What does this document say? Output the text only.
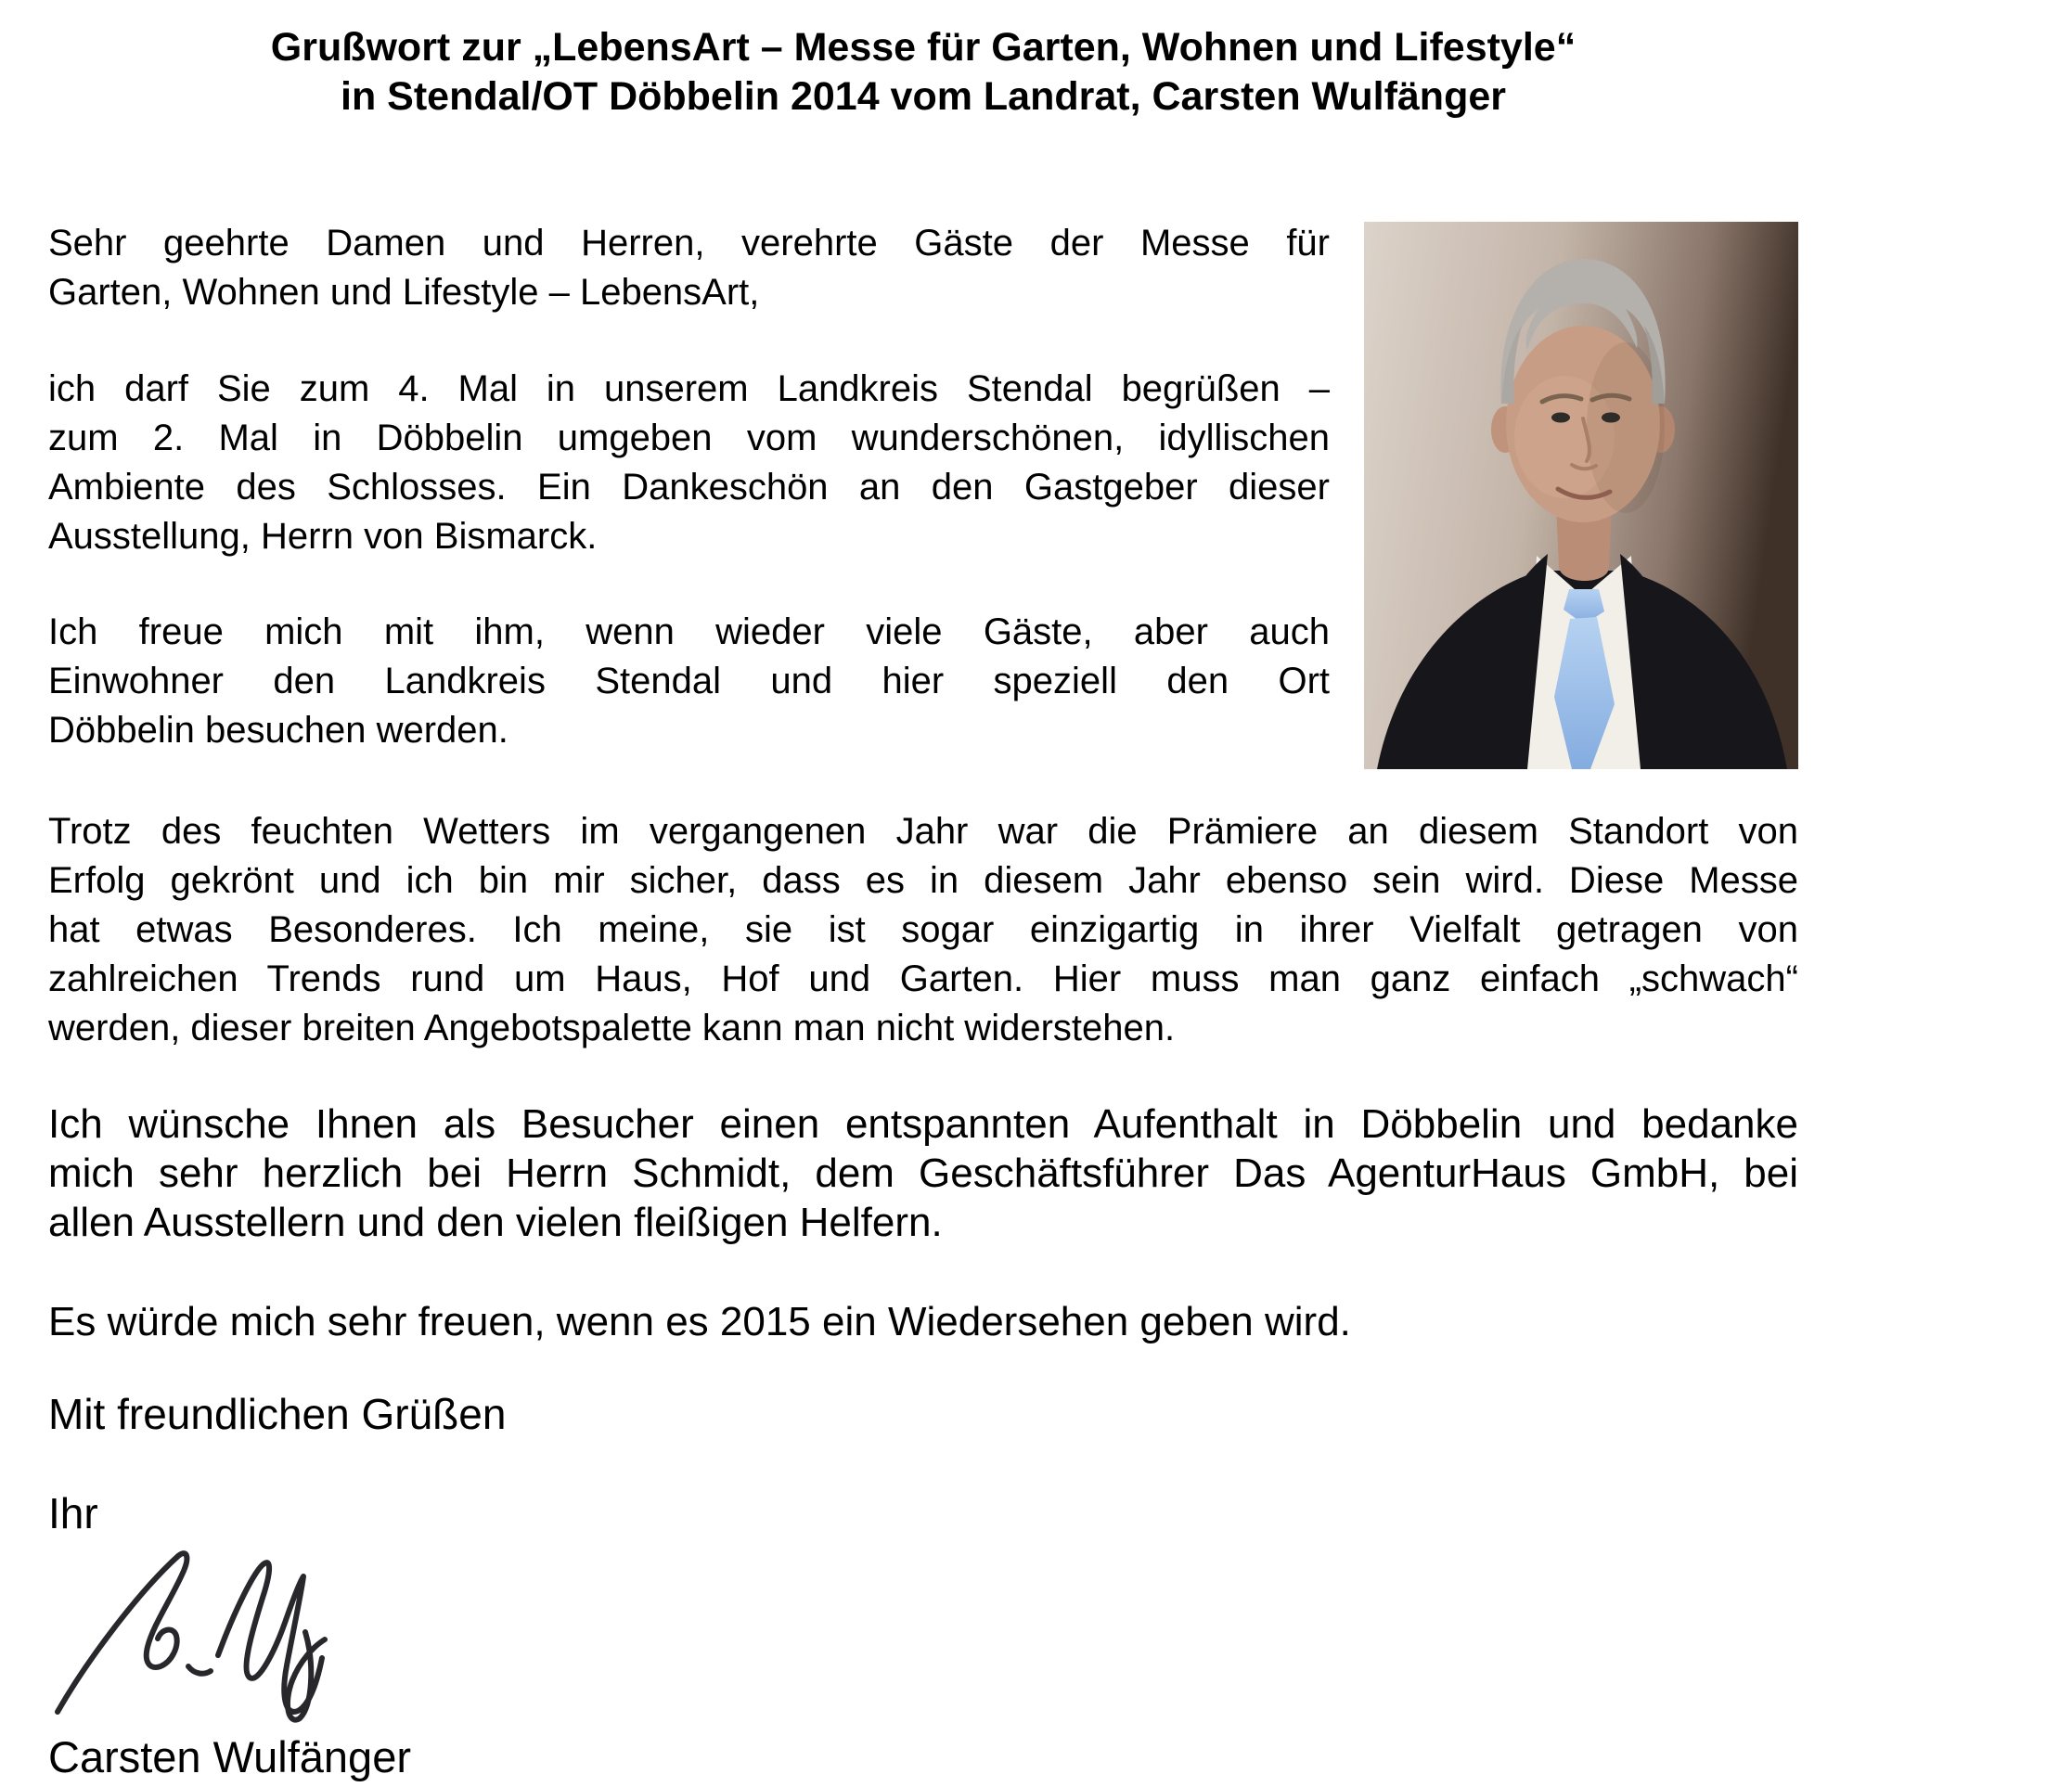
Grußwort zur „LebensArt – Messe für Garten, Wohnen und Lifestyle“
in Stendal/OT Döbbelin 2014 vom Landrat, Carsten Wulfänger

Sehr geehrte Damen und Herren, verehrte Gäste der Messe für
Garten, Wohnen und Lifestyle – LebensArt,

ich darf Sie zum 4. Mal in unserem Landkreis Stendal begrüßen –
zum 2. Mal in Döbbelin umgeben vom wunderschönen, idyllischen
Ambiente des Schlosses. Ein Dankeschön an den Gastgeber dieser
Ausstellung, Herrn von Bismarck.

Ich freue mich mit ihm, wenn wieder viele Gäste, aber auch
Einwohner den Landkreis Stendal und hier speziell den Ort
Döbbelin besuchen werden.

Trotz des feuchten Wetters im vergangenen Jahr war die Prämiere an diesem Standort von
Erfolg gekrönt und ich bin mir sicher, dass es in diesem Jahr ebenso sein wird. Diese Messe
hat etwas Besonderes. Ich meine, sie ist sogar einzigartig in ihrer Vielfalt getragen von
zahlreichen Trends rund um Haus, Hof und Garten. Hier muss man ganz einfach „schwach“
werden, dieser breiten Angebotspalette kann man nicht widerstehen.

Ich wünsche Ihnen als Besucher einen entspannten Aufenthalt in Döbbelin und bedanke
mich sehr herzlich bei Herrn Schmidt, dem Geschäftsführer Das AgenturHaus GmbH, bei
allen Ausstellern und den vielen fleißigen Helfern.

Es würde mich sehr freuen, wenn es 2015 ein Wiedersehen geben wird.

Mit freundlichen Grüßen

Ihr

Carsten Wulfänger
